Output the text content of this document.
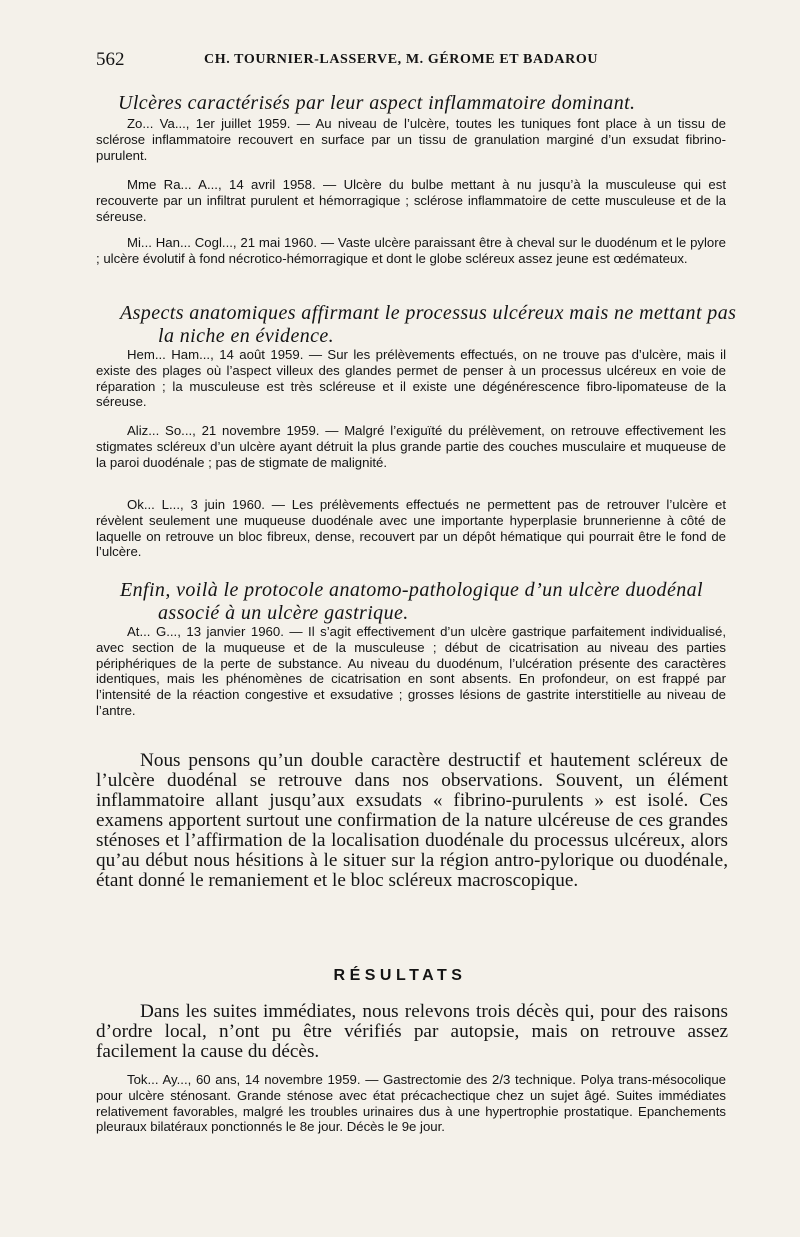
562	CH. TOURNIER-LASSERVE, M. GÉROME ET BADAROU
Ulcères caractérisés par leur aspect inflammatoire dominant.

Zo... Va..., 1er juillet 1959. — Au niveau de l’ulcère, toutes les tuniques font place à un tissu de sclérose inflammatoire recouvert en surface par un tissu de granulation marginé d’un exsudat fibrino-purulent.

Mme Ra... A..., 14 avril 1958. — Ulcère du bulbe mettant à nu jusqu’à la musculeuse qui est recouverte par un infiltrat purulent et hémorragique ; sclérose inflammatoire de cette musculeuse et de la séreuse.

Mi... Han... Cogl..., 21 mai 1960. — Vaste ulcère paraissant être à cheval sur le duodénum et le pylore ; ulcère évolutif à fond nécrotico-hémorragique et dont le globe scléreux assez jeune est œdémateux.

Aspects anatomiques affirmant le processus ulcéreux mais ne mettant pas la niche en évidence.

Hem... Ham..., 14 août 1959. — Sur les prélèvements effectués, on ne trouve pas d’ulcère, mais il existe des plages où l’aspect villeux des glandes permet de penser à un processus ulcéreux en voie de réparation ; la musculeuse est très scléreuse et il existe une dégénérescence fibro-lipomateuse de la séreuse.

Aliz... So..., 21 novembre 1959. — Malgré l’exiguïté du prélèvement, on retrouve effectivement les stigmates scléreux d’un ulcère ayant détruit la plus grande partie des couches musculaire et muqueuse de la paroi duodénale ; pas de stigmate de malignité.

Ok... L..., 3 juin 1960. — Les prélèvements effectués ne permettent pas de retrouver l’ulcère et révèlent seulement une muqueuse duodénale avec une importante hyperplasie brunnerienne à côté de laquelle on retrouve un bloc fibreux, dense, recouvert par un dépôt hématique qui pourrait être le fond de l’ulcère.

Enfin, voilà le protocole anatomo-pathologique d’un ulcère duodénal associé à un ulcère gastrique.

At... G..., 13 janvier 1960. — Il s’agit effectivement d’un ulcère gastrique parfaitement individualisé, avec section de la muqueuse et de la musculeuse ; début de cicatrisation au niveau des parties périphériques de la perte de substance. Au niveau du duodénum, l’ulcération présente des caractères identiques, mais les phénomènes de cicatrisation en sont absents. En profondeur, on est frappé par l’intensité de la réaction congestive et exsudative ; grosses lésions de gastrite interstitielle au niveau de l’antre.

Nous pensons qu’un double caractère destructif et hautement scléreux de l’ulcère duodénal se retrouve dans nos observations. Souvent, un élément inflammatoire allant jusqu’aux exsudats « fibrino-purulents » est isolé. Ces examens apportent surtout une confirmation de la nature ulcéreuse de ces grandes sténoses et l’affirmation de la localisation duodénale du processus ulcéreux, alors qu’au début nous hésitions à le situer sur la région antro-pylorique ou duodénale, étant donné le remaniement et le bloc scléreux macroscopique.

RÉSULTATS

Dans les suites immédiates, nous relevons trois décès qui, pour des raisons d’ordre local, n’ont pu être vérifiés par autopsie, mais on retrouve assez facilement la cause du décès.

Tok... Ay..., 60 ans, 14 novembre 1959. — Gastrectomie des 2/3 technique. Polya trans-mésocolique pour ulcère sténosant. Grande sténose avec état précachectique chez un sujet âgé. Suites immédiates relativement favorables, malgré les troubles urinaires dus à une hypertrophie prostatique. Epanchements pleuraux bilatéraux ponctionnés le 8e jour. Décès le 9e jour.
